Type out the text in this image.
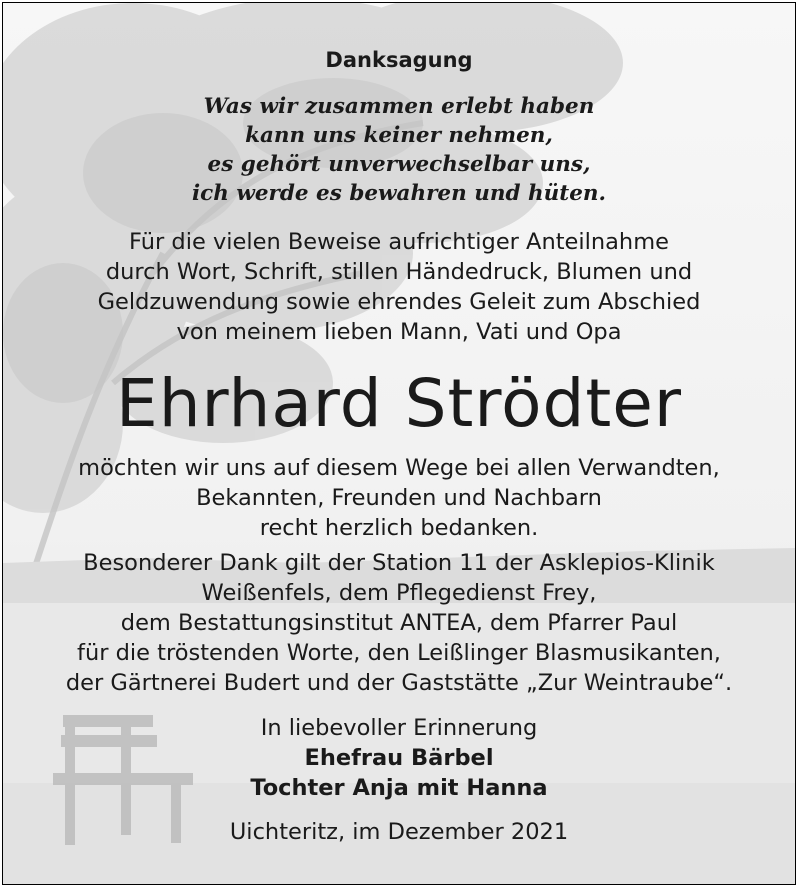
Danksagung
Was wir zusammen erlebt haben
kann uns keiner nehmen,
es gehört unverwechselbar uns,
ich werde es bewahren und hüten.
Für die vielen Beweise aufrichtiger Anteilnahme
durch Wort, Schrift, stillen Händedruck, Blumen und
Geldzuwendung sowie ehrendes Geleit zum Abschied
von meinem lieben Mann, Vati und Opa
Ehrhard Strödter
möchten wir uns auf diesem Wege bei allen Verwandten,
Bekannten, Freunden und Nachbarn
recht herzlich bedanken.
Besonderer Dank gilt der Station 11 der Asklepios-Klinik
Weißenfels, dem Pflegedienst Frey,
dem Bestattungsinstitut ANTEA, dem Pfarrer Paul
für die tröstenden Worte, den Leißlinger Blasmusikanten,
der Gärtnerei Budert und der Gaststätte „Zur Weintraube“.
In liebevoller Erinnerung
Ehefrau Bärbel
Tochter Anja mit Hanna
Uichteritz, im Dezember 2021
